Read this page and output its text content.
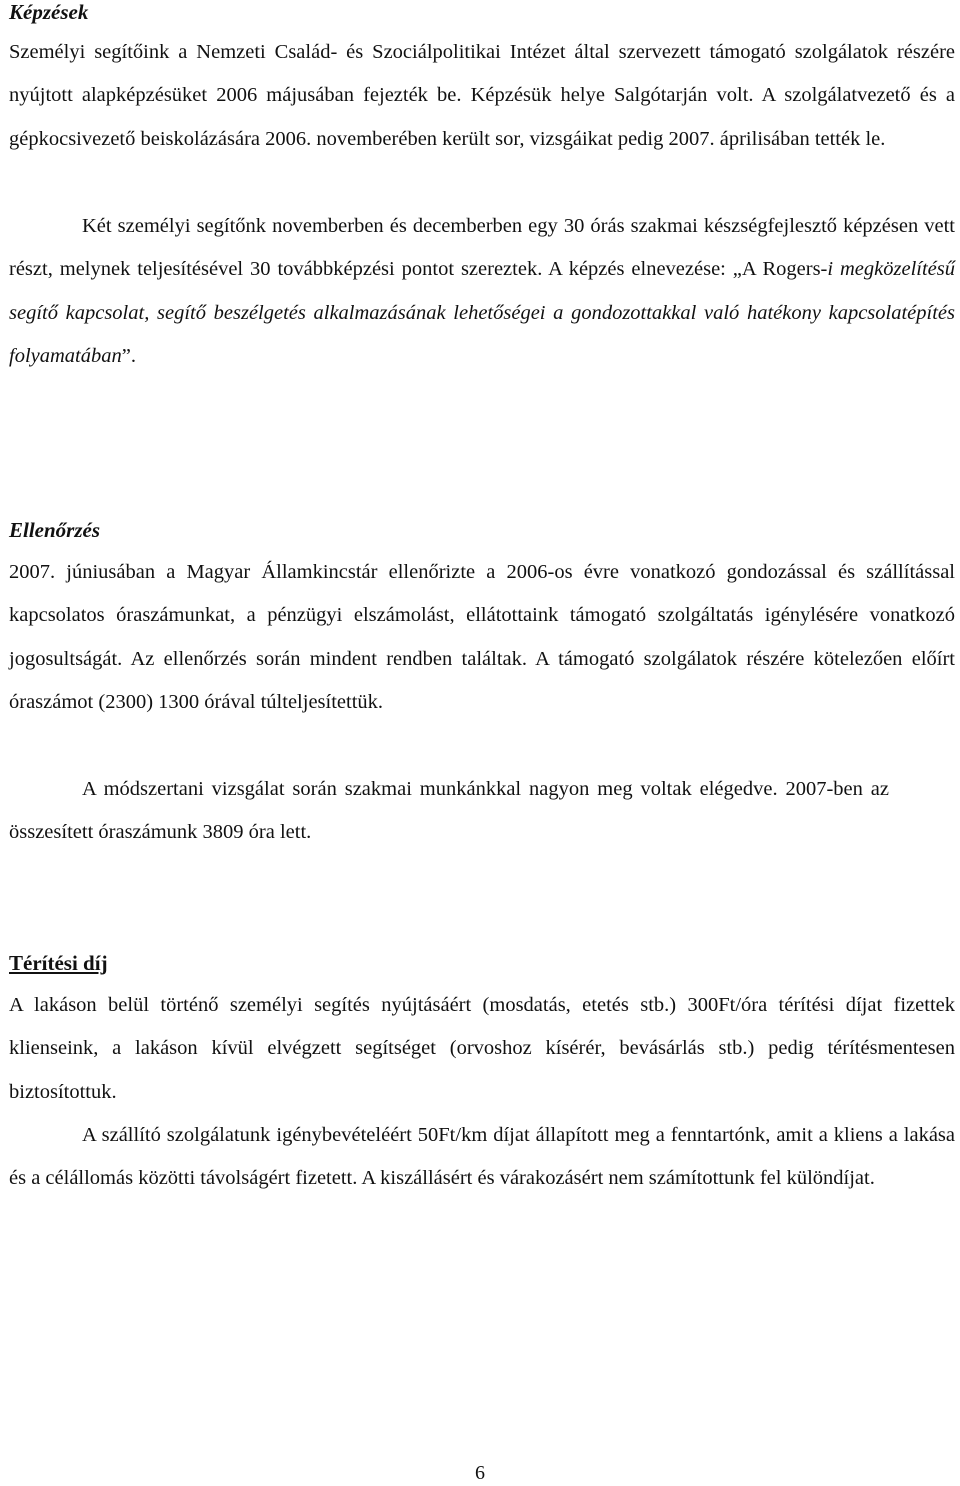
Képzések

Személyi segítőink a Nemzeti Család- és Szociálpolitikai Intézet által szervezett támogató szolgálatok részére nyújtott alapképzésüket 2006 májusában fejezték be. Képzésük helye Salgótarján volt. A szolgálatvezető és a gépkocsivezető beiskolázására 2006. novemberében került sor, vizsgáikat pedig 2007. áprilisában tették le.

Két személyi segítőnk novemberben és decemberben egy 30 órás szakmai készségfejlesztő képzésen vett részt, melynek teljesítésével 30 továbbképzési pontot szereztek. A képzés elnevezése: „A Rogers-i megközelítésű segítő kapcsolat, segítő beszélgetés alkalmazásának lehetőségei a gondozottakkal való hatékony kapcsolatépítés folyamatában”.

Ellenőrzés

2007. júniusában a Magyar Államkincstár ellenőrizte a 2006-os évre vonatkozó gondozással és szállítással kapcsolatos óraszámunkat, a pénzügyi elszámolást, ellátottaink támogató szolgáltatás igénylésére vonatkozó jogosultságát. Az ellenőrzés során mindent rendben találtak. A támogató szolgálatok részére kötelezően előírt óraszámot (2300) 1300 órával túlteljesítettük.

A módszertani vizsgálat során szakmai munkánkkal nagyon meg voltak elégedve. 2007-ben az összesített óraszámunk 3809 óra lett.

Térítési díj

A lakáson belül történő személyi segítés nyújtásáért (mosdatás, etetés stb.) 300Ft/óra térítési díjat fizettek klienseink, a lakáson kívül elvégzett segítséget (orvoshoz kísérér, bevásárlás stb.) pedig térítésmentesen biztosítottuk.

A szállító szolgálatunk igénybevételéért 50Ft/km díjat állapított meg a fenntartónk, amit a kliens a lakása és a célállomás közötti távolságért fizetett. A kiszállásért és várakozásért nem számítottunk fel különdíjat.

6
